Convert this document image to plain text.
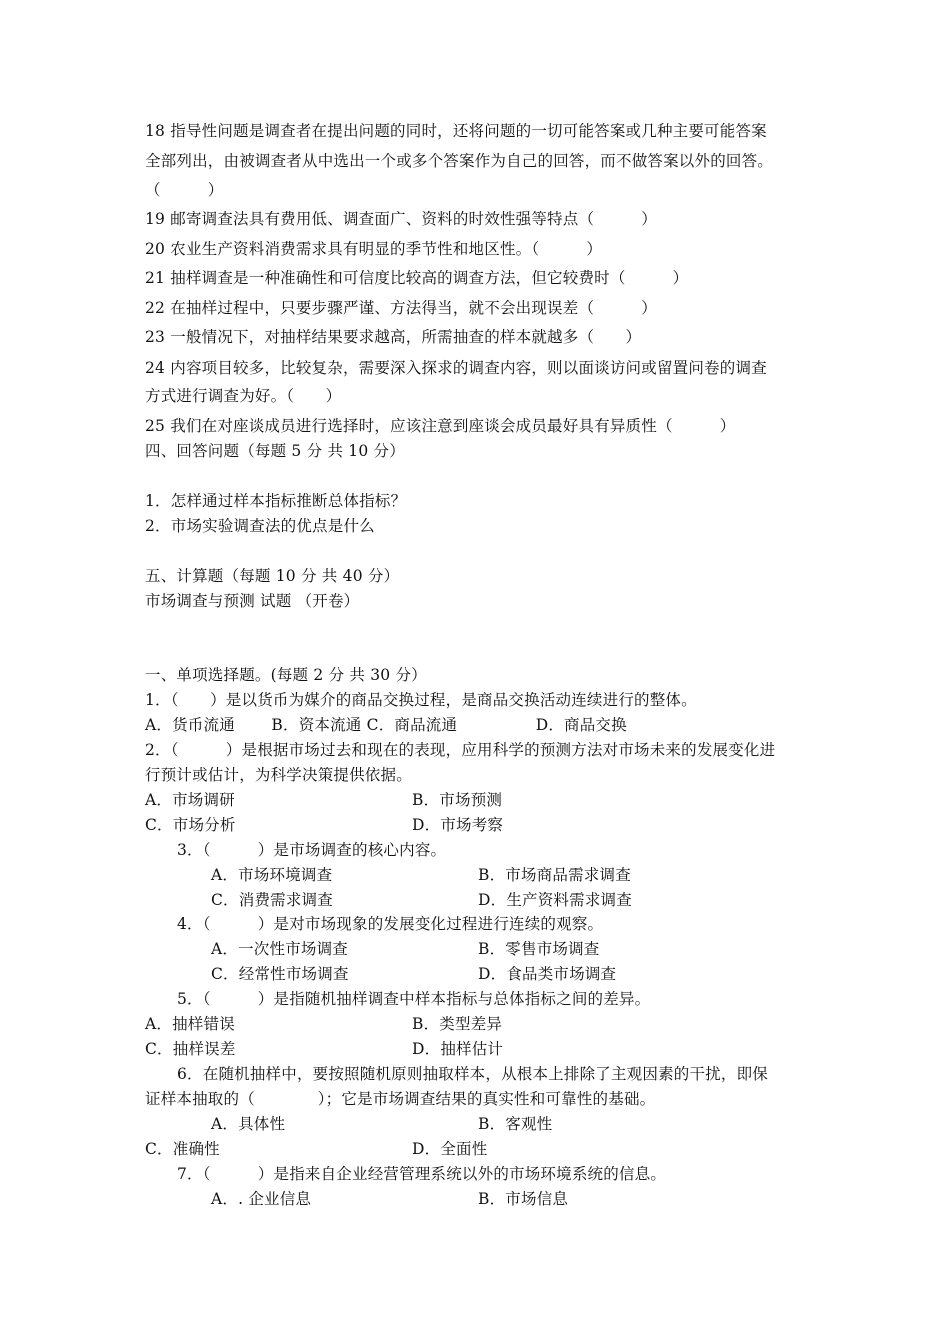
18 指导性问题是调查者在提出问题的同时，还将问题的一切可能答案或几种主要可能答案
全部列出，由被调查者从中选出一个或多个答案作为自己的回答，而不做答案以外的回答。
（　　　）
19 邮寄调查法具有费用低、调查面广、资料的时效性强等特点（　　　）
20 农业生产资料消费需求具有明显的季节性和地区性。（　　　）
21 抽样调查是一种准确性和可信度比较高的调查方法，但它较费时（　　　）
22 在抽样过程中，只要步骤严谨、方法得当，就不会出现误差（　　　）
23 一般情况下，对抽样结果要求越高，所需抽查的样本就越多（　　）
24 内容项目较多，比较复杂，需要深入探求的调查内容，则以面谈访问或留置问卷的调查
方式进行调查为好。（　　）
25 我们在对座谈成员进行选择时，应该注意到座谈会成员最好具有异质性（　　　）
四、回答问题（每题 5 分 共 10 分）
1．怎样通过样本指标推断总体指标？
2．市场实验调查法的优点是什么
五、计算题（每题 10 分 共 40 分）
市场调查与预测 试题 （开卷）
一、单项选择题。(每题 2 分 共 30 分）
1．（　　）是以货币为媒介的商品交换过程，是商品交换活动连续进行的整体。
A．货币流通　　 B．资本流通 C．商品流通　　　　　D．商品交换
2．（　　　）是根据市场过去和现在的表现，应用科学的预测方法对市场未来的发展变化进
行预计或估计，为科学决策提供依据。
A．市场调研	B．市场预测
C．市场分析	D．市场考察
3．（　　　）是市场调查的核心内容。
A．市场环境调查	B．市场商品需求调查
C．消费需求调查	D．生产资料需求调查
4．（　　　）是对市场现象的发展变化过程进行连续的观察。
A．一次性市场调查	B．零售市场调查
C．经常性市场调查	D．食品类市场调查
5．（　　　）是指随机抽样调查中样本指标与总体指标之间的差异。
A．抽样错误	B．类型差异
C．抽样误差	D．抽样估计
6．在随机抽样中，要按照随机原则抽取样本，从根本上排除了主观因素的干扰，即保
证样本抽取的（　　　　）；它是市场调查结果的真实性和可靠性的基础。
A．具体性	B．客观性
C．准确性	D．全面性
7．（　　　）是指来自企业经营管理系统以外的市场环境系统的信息。
A．. 企业信息	B．市场信息
